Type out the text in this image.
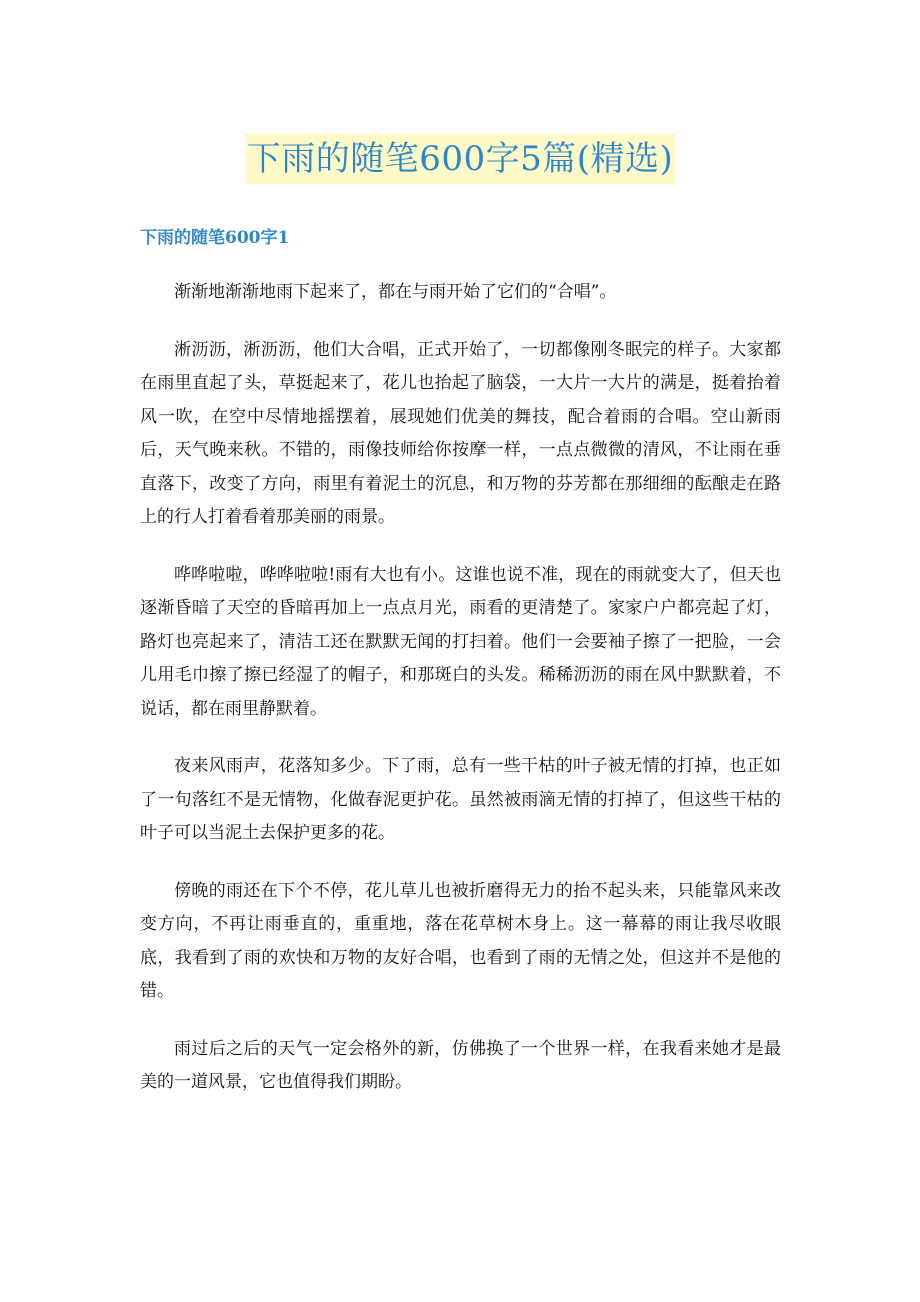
下雨的随笔600字5篇(精选)
下雨的随笔600字1

渐渐地渐渐地雨下起来了，都在与雨开始了它们的“合唱”。

淅沥沥，淅沥沥，他们大合唱，正式开始了，一切都像刚冬眠完的样子。大家都在雨里直起了头，草挺起来了，花儿也抬起了脑袋，一大片一大片的满是，挺着抬着风一吹，在空中尽情地摇摆着，展现她们优美的舞技，配合着雨的合唱。空山新雨后，天气晚来秋。不错的，雨像技师给你按摩一样，一点点微微的清风，不让雨在垂直落下，改变了方向，雨里有着泥土的沉息，和万物的芬芳都在那细细的酝酿走在路上的行人打着看着那美丽的雨景。

哗哗啦啦，哗哗啦啦!雨有大也有小。这谁也说不准，现在的雨就变大了，但天也逐渐昏暗了天空的昏暗再加上一点点月光，雨看的更清楚了。家家户户都亮起了灯，路灯也亮起来了，清洁工还在默默无闻的打扫着。他们一会要袖子擦了一把脸，一会儿用毛巾擦了擦已经湿了的帽子，和那斑白的头发。稀稀沥沥的雨在风中默默着，不说话，都在雨里静默着。

夜来风雨声，花落知多少。下了雨，总有一些干枯的叶子被无情的打掉，也正如了一句落红不是无情物，化做春泥更护花。虽然被雨滴无情的打掉了，但这些干枯的叶子可以当泥土去保护更多的花。

傍晚的雨还在下个不停，花儿草儿也被折磨得无力的抬不起头来，只能靠风来改变方向，不再让雨垂直的，重重地，落在花草树木身上。这一幕幕的雨让我尽收眼底，我看到了雨的欢快和万物的友好合唱，也看到了雨的无情之处，但这并不是他的错。

雨过后之后的天气一定会格外的新，仿佛换了一个世界一样，在我看来她才是最美的一道风景，它也值得我们期盼。
